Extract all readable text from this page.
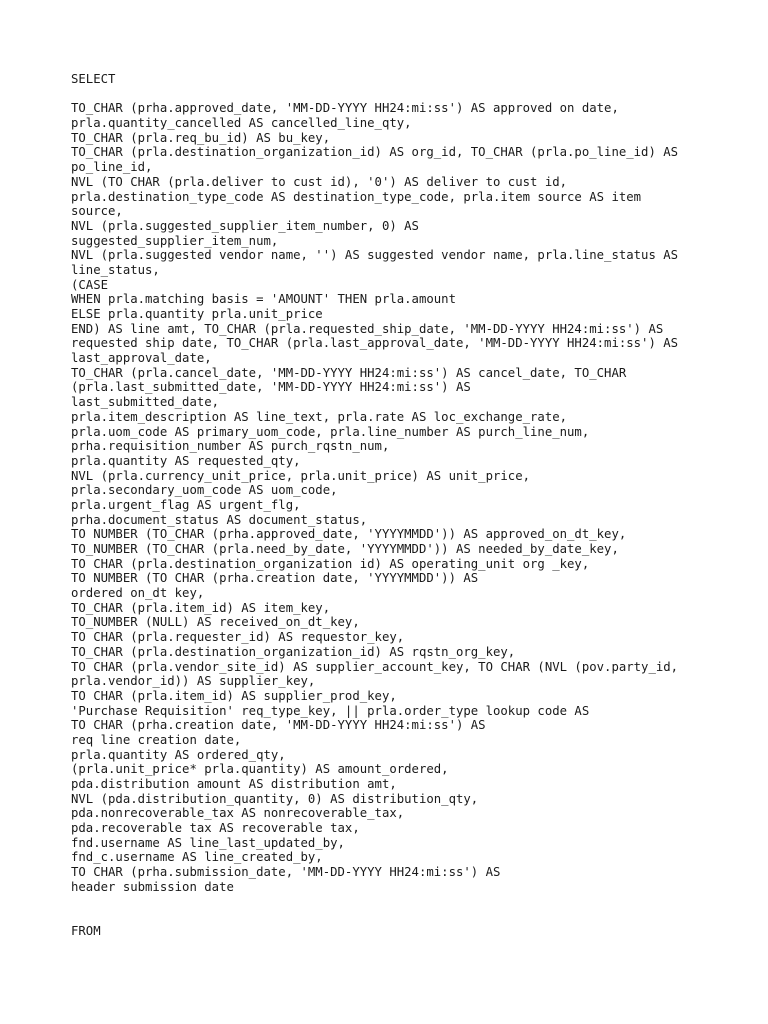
SELECT
TO_CHAR (prha.approved_date, 'MM-DD-YYYY HH24:mi:ss') AS approved on date,
prla.quantity_cancelled AS cancelled_line_qty,
TO_CHAR (prla.req_bu_id) AS bu_key,
TO_CHAR (prla.destination_organization_id) AS org_id, TO_CHAR (prla.po_line_id) AS
po_line_id,
NVL (TO CHAR (prla.deliver to cust id), '0') AS deliver to cust id,
prla.destination_type_code AS destination_type_code, prla.item source AS item
source,
NVL (prla.suggested_supplier_item_number, 0) AS
suggested_supplier_item_num,
NVL (prla.suggested vendor name, '') AS suggested vendor name, prla.line_status AS
line_status,
(CASE
WHEN prla.matching basis = 'AMOUNT' THEN prla.amount
ELSE prla.quantity prla.unit_price
END) AS line amt, TO_CHAR (prla.requested_ship_date, 'MM-DD-YYYY HH24:mi:ss') AS
requested ship date, TO_CHAR (prla.last_approval_date, 'MM-DD-YYYY HH24:mi:ss') AS
last_approval_date,
TO_CHAR (prla.cancel_date, 'MM-DD-YYYY HH24:mi:ss') AS cancel_date, TO_CHAR
(prla.last_submitted_date, 'MM-DD-YYYY HH24:mi:ss') AS
last_submitted_date,
prla.item_description AS line_text, prla.rate AS loc_exchange_rate,
prla.uom_code AS primary_uom_code, prla.line_number AS purch_line_num,
prha.requisition_number AS purch_rqstn_num,
prla.quantity AS requested_qty,
NVL (prla.currency_unit_price, prla.unit_price) AS unit_price,
prla.secondary_uom_code AS uom_code,
prla.urgent_flag AS urgent_flg,
prha.document_status AS document_status,
TO NUMBER (TO_CHAR (prha.approved_date, 'YYYYMMDD')) AS approved_on_dt_key,
TO_NUMBER (TO_CHAR (prla.need_by_date, 'YYYYMMDD')) AS needed_by_date_key,
TO CHAR (prla.destination_organization id) AS operating_unit org _key,
TO NUMBER (TO CHAR (prha.creation date, 'YYYYMMDD')) AS
ordered on_dt key,
TO_CHAR (prla.item_id) AS item_key,
TO_NUMBER (NULL) AS received_on_dt_key,
TO CHAR (prla.requester_id) AS requestor_key,
TO_CHAR (prla.destination_organization_id) AS rqstn_org_key,
TO CHAR (prla.vendor_site_id) AS supplier_account_key, TO CHAR (NVL (pov.party_id,
prla.vendor_id)) AS supplier_key,
TO CHAR (prla.item_id) AS supplier_prod_key,
'Purchase Requisition' req_type_key, || prla.order_type lookup code AS
TO CHAR (prha.creation date, 'MM-DD-YYYY HH24:mi:ss') AS
req line creation date,
prla.quantity AS ordered_qty,
(prla.unit_price* prla.quantity) AS amount_ordered,
pda.distribution amount AS distribution amt,
NVL (pda.distribution_quantity, 0) AS distribution_qty,
pda.nonrecoverable_tax AS nonrecoverable_tax,
pda.recoverable tax AS recoverable tax,
fnd.username AS line_last_updated_by,
fnd_c.username AS line_created_by,
TO CHAR (prha.submission_date, 'MM-DD-YYYY HH24:mi:ss') AS
header submission date
FROM
